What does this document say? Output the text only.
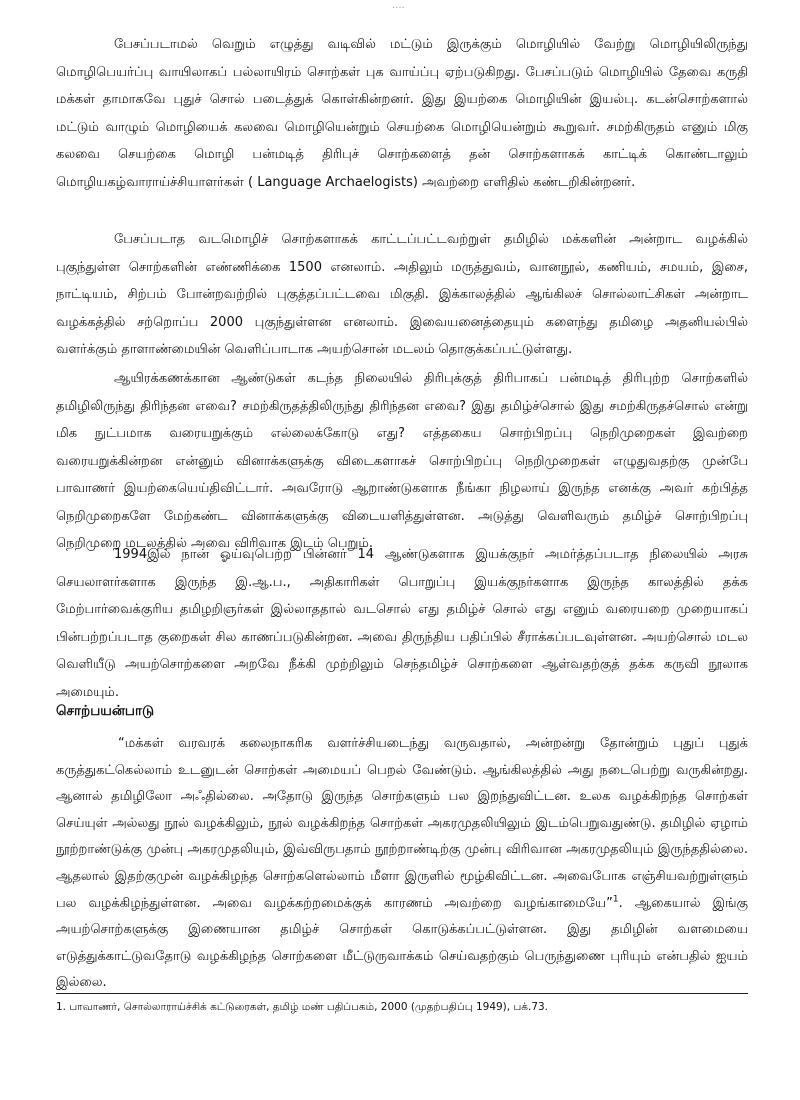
....

பேசப்படாமல் வெறும் எழுத்து வடிவில் மட்டும் இருக்கும் மொழியில் வேற்று மொழியிலிருந்து மொழிபெயர்ப்பு வாயிலாகப் பல்லாயிரம் சொற்கள் புக வாய்ப்பு ஏற்படுகிறது. பேசப்படும் மொழியில் தேவை கருதி மக்கள் தாமாகவே புதுச் சொல் படைத்துக் கொள்கின்றனர். இது இயற்கை மொழியின் இயல்பு. கடன்சொற்களால் மட்டும் வாழும் மொழியைக் கலவை மொழியென்றும் செயற்கை மொழியென்றும் கூறுவர். சமற்கிருதம் எனும் மிகு கலவை செயற்கை மொழி பன்மடித் திரிபுச் சொற்களைத் தன் சொற்களாகக் காட்டிக் கொண்டாலும் மொழியகழ்வாராய்ச்சியாளர்கள் ( Language Archaelogists) அவற்றை எளிதில் கண்டறிகின்றனர்.

பேசப்படாத வடமொழிச் சொற்களாகக் காட்டப்பட்டவற்றுள் தமிழில் மக்களின் அன்றாட வழக்கில் புகுந்துள்ள சொற்களின் எண்ணிக்கை 1500 எனலாம். அதிலும் மருத்துவம், வானநூல், கணியம், சமயம், இசை, நாட்டியம், சிற்பம் போன்றவற்றில் புகுத்தப்பட்டவை மிகுதி. இக்காலத்தில் ஆங்கிலச் சொல்லாட்சிகள் அன்றாட வழக்கத்தில் சற்றொப்ப 2000 புகுந்துள்ளன எனலாம். இவையனைத்தையும் களைந்து தமிழை அதனியல்பில் வளர்க்கும் தாளாண்மையின் வெளிப்பாடாக அயற்சொன் மடலம் தொகுக்கப்பட்டுள்ளது.

ஆயிரக்கணக்கான ஆண்டுகள் கடந்த நிலையில் திரிபுக்குத் திரிபாகப் பன்மடித் திரிபுற்ற சொற்களில் தமிழிலிருந்து திரிந்தன எவை? சமற்கிருதத்திலிருந்து திரிந்தன எவை? இது தமிழ்ச்சொல் இது சமற்கிருதச்சொல் என்று மிக நுட்பமாக வரையறுக்கும் எல்லைக்கோடு எது? எத்தகைய சொற்பிறப்பு நெறிமுறைகள் இவற்றை வரையறுக்கின்றன என்னும் வினாக்களுக்கு விடைகளாகச் சொற்பிறப்பு நெறிமுறைகள் எழுதுவதற்கு முன்பே பாவாணர் இயற்கையெய்திவிட்டார். அவரோடு ஆறாண்டுகளாக நீங்கா நிழலாய் இருந்த எனக்கு அவர் கற்பித்த நெறிமுறைகளே மேற்கண்ட வினாக்களுக்கு விடையளித்துள்ளன. அடுத்து வெளிவரும் தமிழ்ச் சொற்பிறப்பு நெறிமுறை மடலத்தில் அவை விரிவாக இடம் பெறும்.

1994இல் நான் ஓய்வுபெற்ற பின்னர் 14 ஆண்டுகளாக இயக்குநர் அமர்த்தப்படாத நிலையில் அரசு செயலாளர்களாக இருந்த இ.ஆ.ப., அதிகாரிகள் பொறுப்பு இயக்குநர்களாக இருந்த காலத்தில் தக்க மேற்பார்வைக்குரிய தமிழறிஞர்கள் இல்லாததால் வடசொல் எது தமிழ்ச் சொல் எது எனும் வரையறை முறையாகப் பின்பற்றப்படாத குறைகள் சில காணப்படுகின்றன. அவை திருந்திய பதிப்பில் சீராக்கப்படவுள்ளன. அயற்சொல் மடல வெளியீடு அயற்சொற்களை அறவே நீக்கி முற்றிலும் செந்தமிழ்ச் சொற்களை ஆள்வதற்குத் தக்க கருவி நூலாக அமையும்.

சொற்பயன்பாடு

“மக்கள் வரவரக் கலைநாகரிக வளர்ச்சியடைந்து வருவதால், அன்றன்று தோன்றும் புதுப் புதுக் கருத்துகட்கெல்லாம் உடனுடன் சொற்கள் அமையப் பெறல் வேண்டும். ஆங்கிலத்தில் அது நடைபெற்று வருகின்றது. ஆனால் தமிழிலோ அஃதில்லை. அதோடு இருந்த சொற்களும் பல இறந்துவிட்டன. உலக வழக்கிறந்த சொற்கள் செய்யுள் அல்லது நூல் வழக்கிலும், நூல் வழக்கிறந்த சொற்கள் அகரமுதலியிலும் இடம்பெறுவதுண்டு. தமிழில் ஏழாம் நூற்றாண்டுக்கு முன்பு அகரமுதலியும், இவ்விருபதாம் நூற்றாண்டிற்கு முன்பு விரிவான அகரமுதலியும் இருந்ததில்லை. ஆதலால் இதற்குமுன் வழக்கிழந்த சொற்களெல்லாம் மீளா இருளில் மூழ்கிவிட்டன. அவைபோக எஞ்சியவற்றுள்ளும் பல வழக்கிழந்துள்ளன. அவை வழக்கற்றமைக்குக் காரணம் அவற்றை வழங்காமையே”$^1$. ஆகையால் இங்கு அயற்சொற்களுக்கு இணையான தமிழ்ச் சொற்கள் கொடுக்கப்பட்டுள்ளன. இது தமிழின் வளமையை எடுத்துக்காட்டுவதோடு வழக்கிழந்த சொற்களை மீட்டுருவாக்கம் செய்வதற்கும் பெருந்துணை புரியும் என்பதில் ஐயம் இல்லை.

1. பாவாணர், சொல்லாராய்ச்சிக் கட்டுரைகள், தமிழ் மண் பதிப்பகம், 2000 (முதற்பதிப்பு 1949), பக்.73.
